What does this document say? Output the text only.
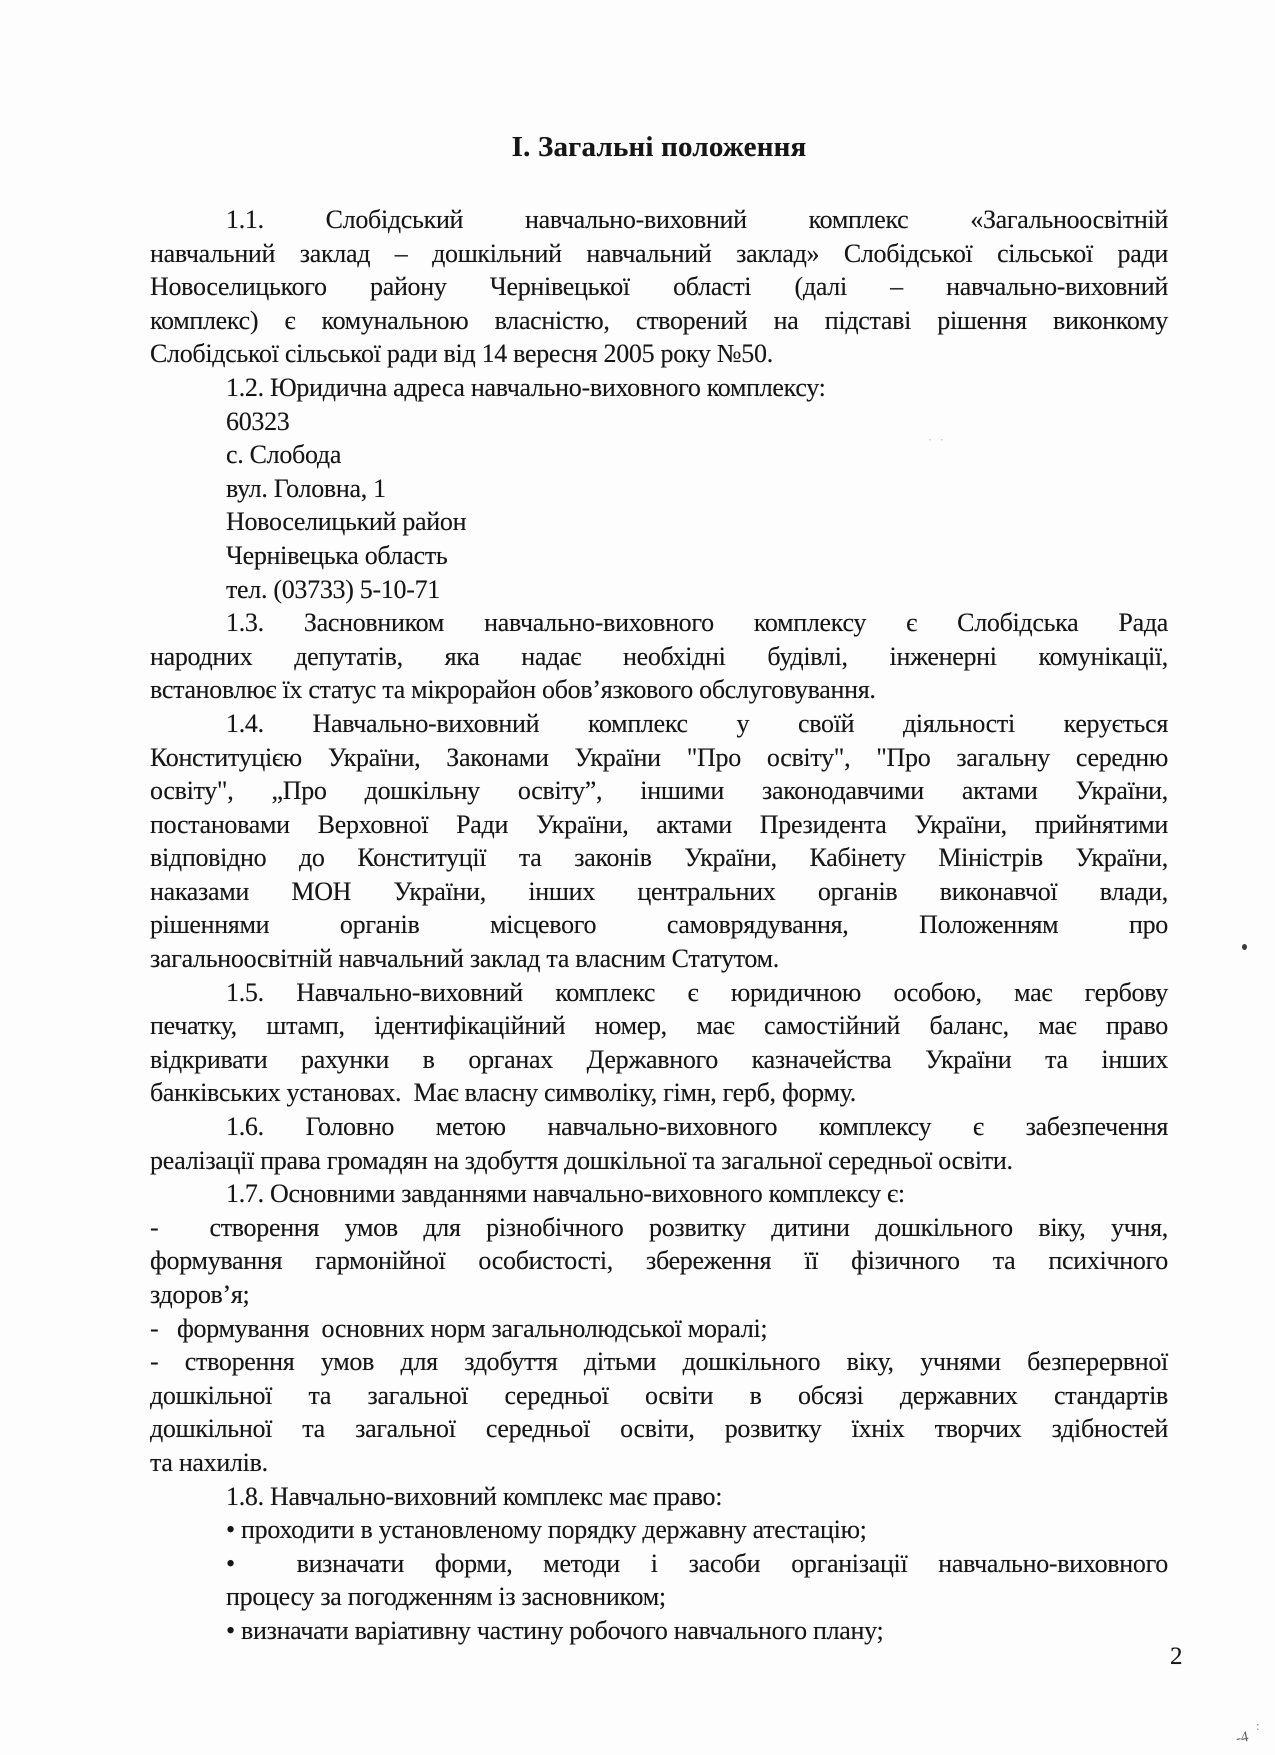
І. Загальні положення
1.1. Слобідський навчально-виховний комплекс «Загальноосвітній
навчальний заклад – дошкільний навчальний заклад» Слобідської сільської ради
Новоселицького району Чернівецької області (далі – навчально-виховний
комплекс) є комунальною власністю, створений на підставі рішення виконкому
Слобідської сільської ради від 14 вересня 2005 року №50.
1.2. Юридична адреса навчально-виховного комплексу:
60323
с. Слобода
вул. Головна, 1
Новоселицький район
Чернівецька область
тел. (03733) 5-10-71
1.3. Засновником навчально-виховного комплексу є Слобідська Рада
народних депутатів, яка надає необхідні будівлі, інженерні комунікації,
встановлює їх статус та мікрорайон обов’язкового обслуговування.
1.4. Навчально-виховний комплекс у своїй діяльності керується
Конституцією України, Законами України "Про освіту", "Про загальну середню
освіту", „Про дошкільну освіту”, іншими законодавчими актами України,
постановами Верховної Ради України, актами Президента України, прийнятими
відповідно до Конституції та законів України, Кабінету Міністрів України,
наказами МОН України, інших центральних органів виконавчої влади,
рішеннями органів місцевого самоврядування, Положенням про
загальноосвітній навчальний заклад та власним Статутом.
1.5. Навчально-виховний комплекс є юридичною особою, має гербову
печатку, штамп, ідентифікаційний номер, має самостійний баланс, має право
відкривати рахунки в органах Державного казначейства України та інших
банківських установах.  Має власну символіку, гімн, герб, форму.
1.6. Головно метою навчально-виховного комплексу є забезпечення
реалізації права громадян на здобуття дошкільної та загальної середньої освіти.
1.7. Основними завданнями навчально-виховного комплексу є:
-  створення умов для різнобічного розвитку дитини дошкільного віку, учня,
формування гармонійної особистості, збереження її фізичного та психічного
здоров’я;
-   формування  основних норм загальнолюдської моралі;
- створення умов для здобуття дітьми дошкільного віку, учнями безперервної
дошкільної та загальної середньої освіти в обсязі державних стандартів
дошкільної та загальної середньої освіти, розвитку їхніх творчих здібностей
та нахилів.
1.8. Навчально-виховний комплекс має право:
• проходити в установленому порядку державну атестацію;
•  визначати форми, методи і засоби організації навчально-виховного
процесу за погодженням із засновником;
• визначати варіативну частину робочого навчального плану;
2
· ·
:
-4
